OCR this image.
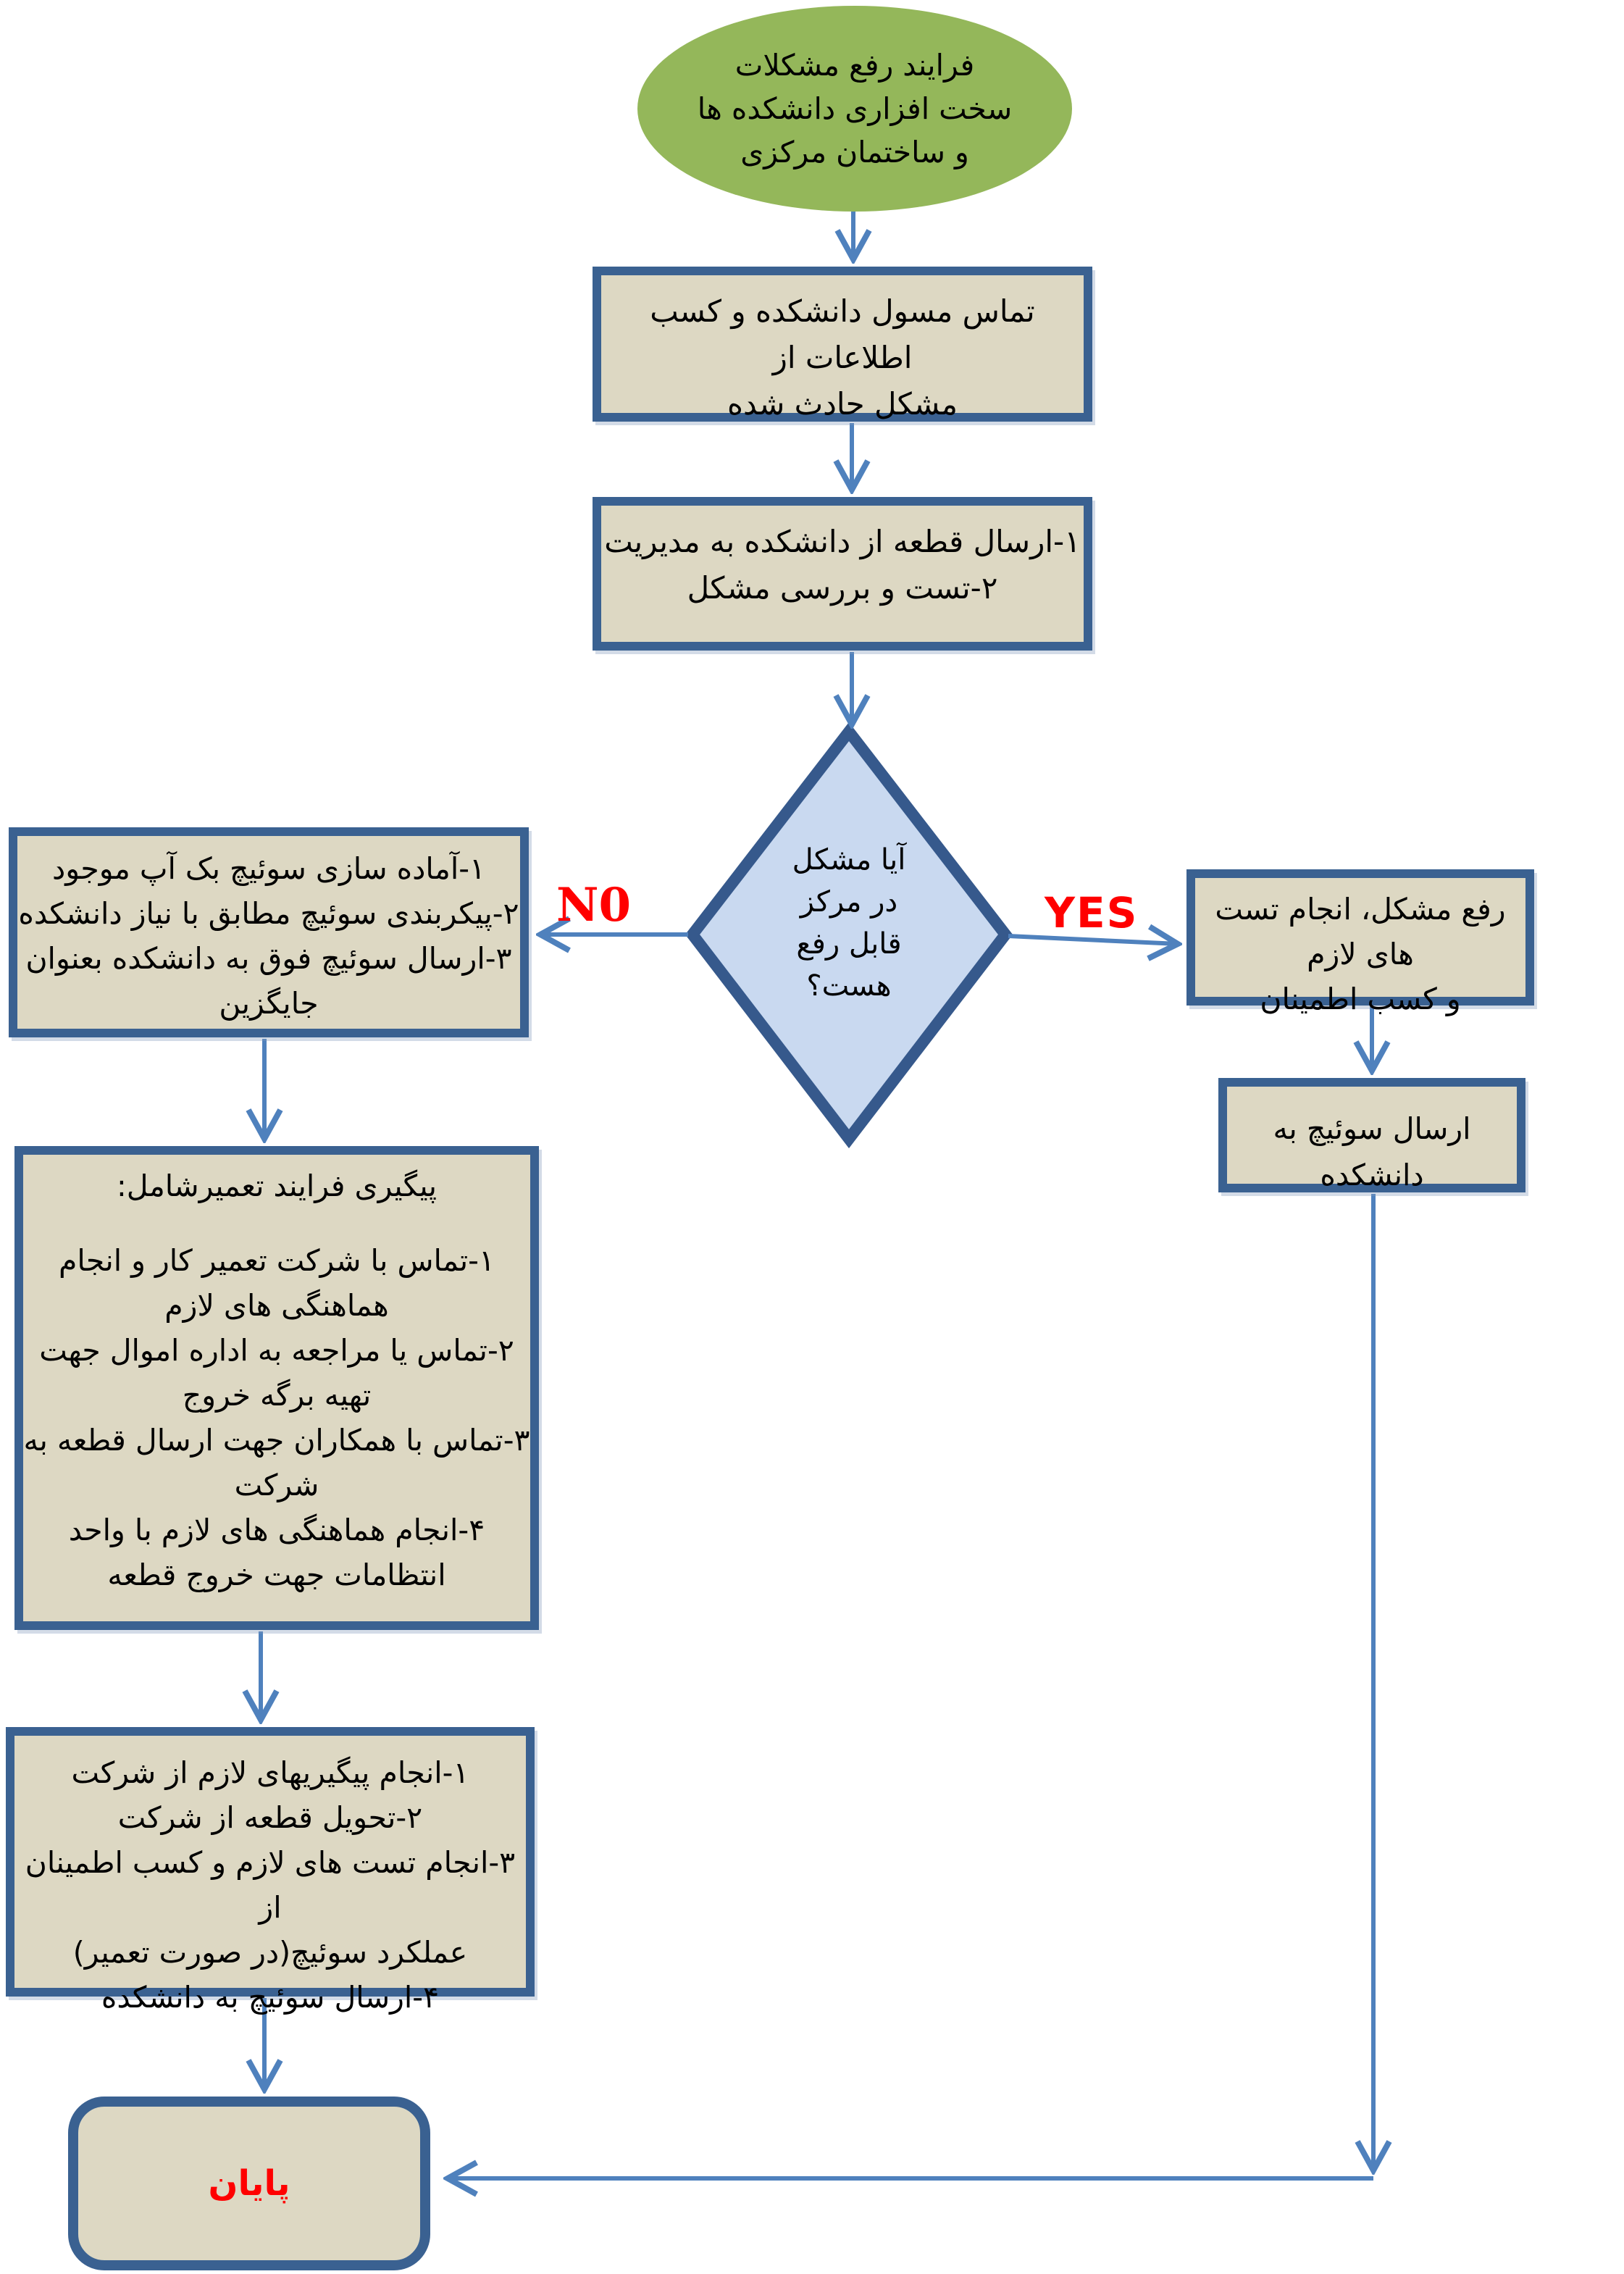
فرایند رفع مشکلات
سخت افزاری دانشکده ها
و ساختمان مرکزی
تماس مسول دانشکده و کسب اطلاعات از
مشکل حادث شده
۱-ارسال قطعه از دانشکده به مدیریت
۲-تست و بررسی مشکل
آیا مشکل
در مرکز
قابل رفع
هست؟
N0	YES
۱-آماده سازی سوئیچ بک آپ موجود
۲-پیکربندی سوئیچ مطابق با نیاز دانشکده
۳-ارسال سوئیچ فوق به دانشکده بعنوان
جایگزین
رفع مشکل، انجام تست های لازم
و کسب اطمینان
ارسال سوئیچ به دانشکده
پیگیری فرایند تعمیرشامل:
۱-تماس با شرکت تعمیر کار و انجام
هماهنگی های لازم
۲-تماس یا مراجعه به اداره اموال جهت
تهیه برگه خروج
۳-تماس با همکاران جهت ارسال قطعه به
شرکت
۴-انجام هماهنگی های لازم با واحد
انتظامات جهت خروج قطعه
۱-انجام پیگیریهای لازم از شرکت
۲-تحویل قطعه از شرکت
۳-انجام تست های لازم و کسب اطمینان از
عملکرد سوئیچ(در صورت تعمیر)
۴-ارسال سوئیچ به دانشکده
پایان
